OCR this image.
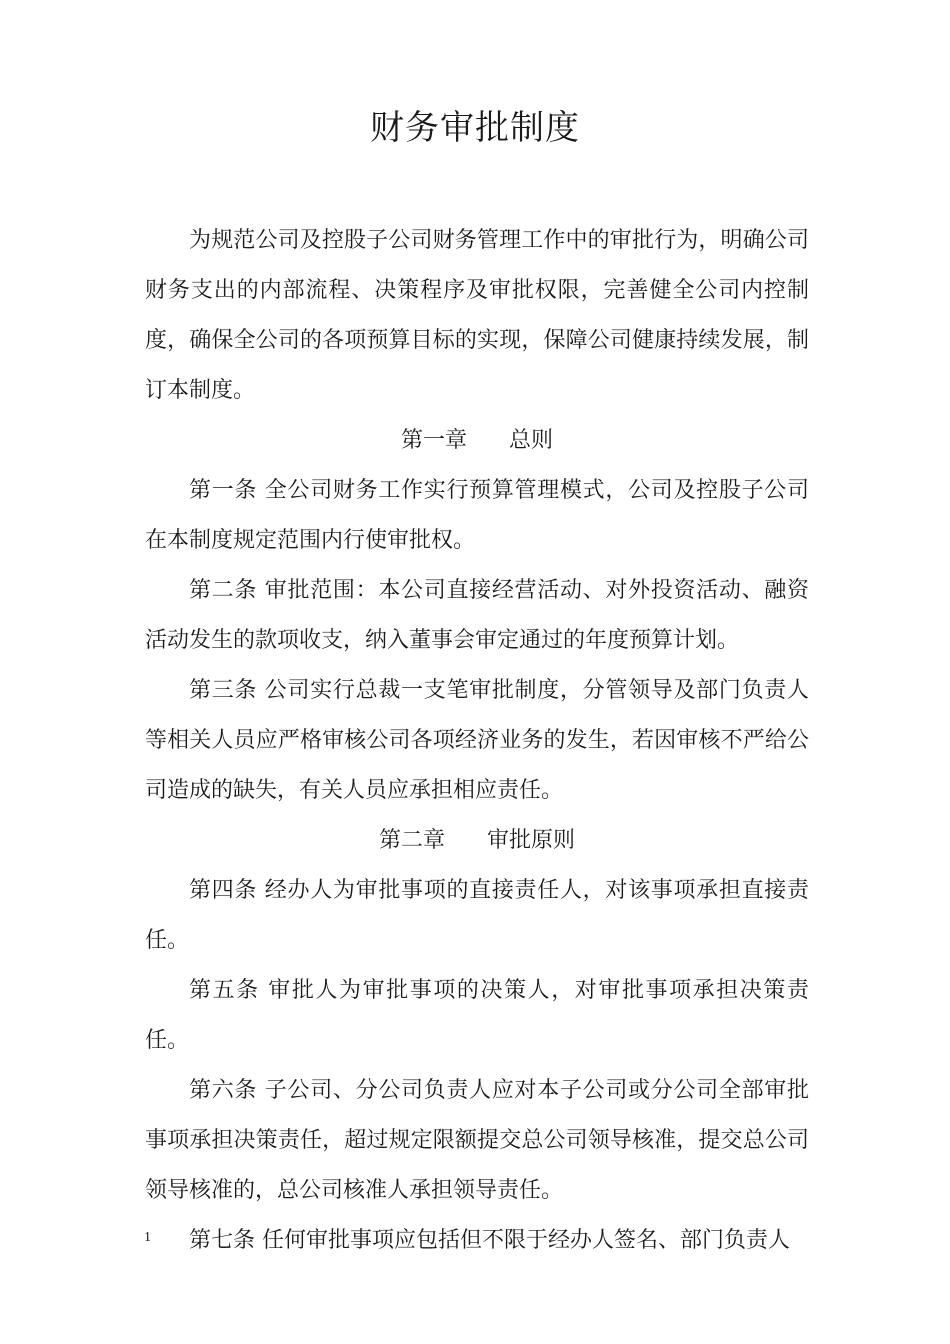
财务审批制度

为规范公司及控股子公司财务管理工作中的审批行为，明确公司财务支出的内部流程、决策程序及审批权限，完善健全公司内控制度，确保全公司的各项预算目标的实现，保障公司健康持续发展，制订本制度。

第一章      总则

第一条 全公司财务工作实行预算管理模式，公司及控股子公司在本制度规定范围内行使审批权。

第二条 审批范围：本公司直接经营活动、对外投资活动、融资活动发生的款项收支，纳入董事会审定通过的年度预算计划。

第三条 公司实行总裁一支笔审批制度，分管领导及部门负责人等相关人员应严格审核公司各项经济业务的发生，若因审核不严给公司造成的缺失，有关人员应承担相应责任。

第二章      审批原则

第四条 经办人为审批事项的直接责任人，对该事项承担直接责任。

第五条 审批人为审批事项的决策人，对审批事项承担决策责任。

第六条 子公司、分公司负责人应对本子公司或分公司全部审批事项承担决策责任，超过规定限额提交总公司领导核准，提交总公司领导核准的，总公司核准人承担领导责任。

第七条 任何审批事项应包括但不限于经办人签名、部门负责人

1
